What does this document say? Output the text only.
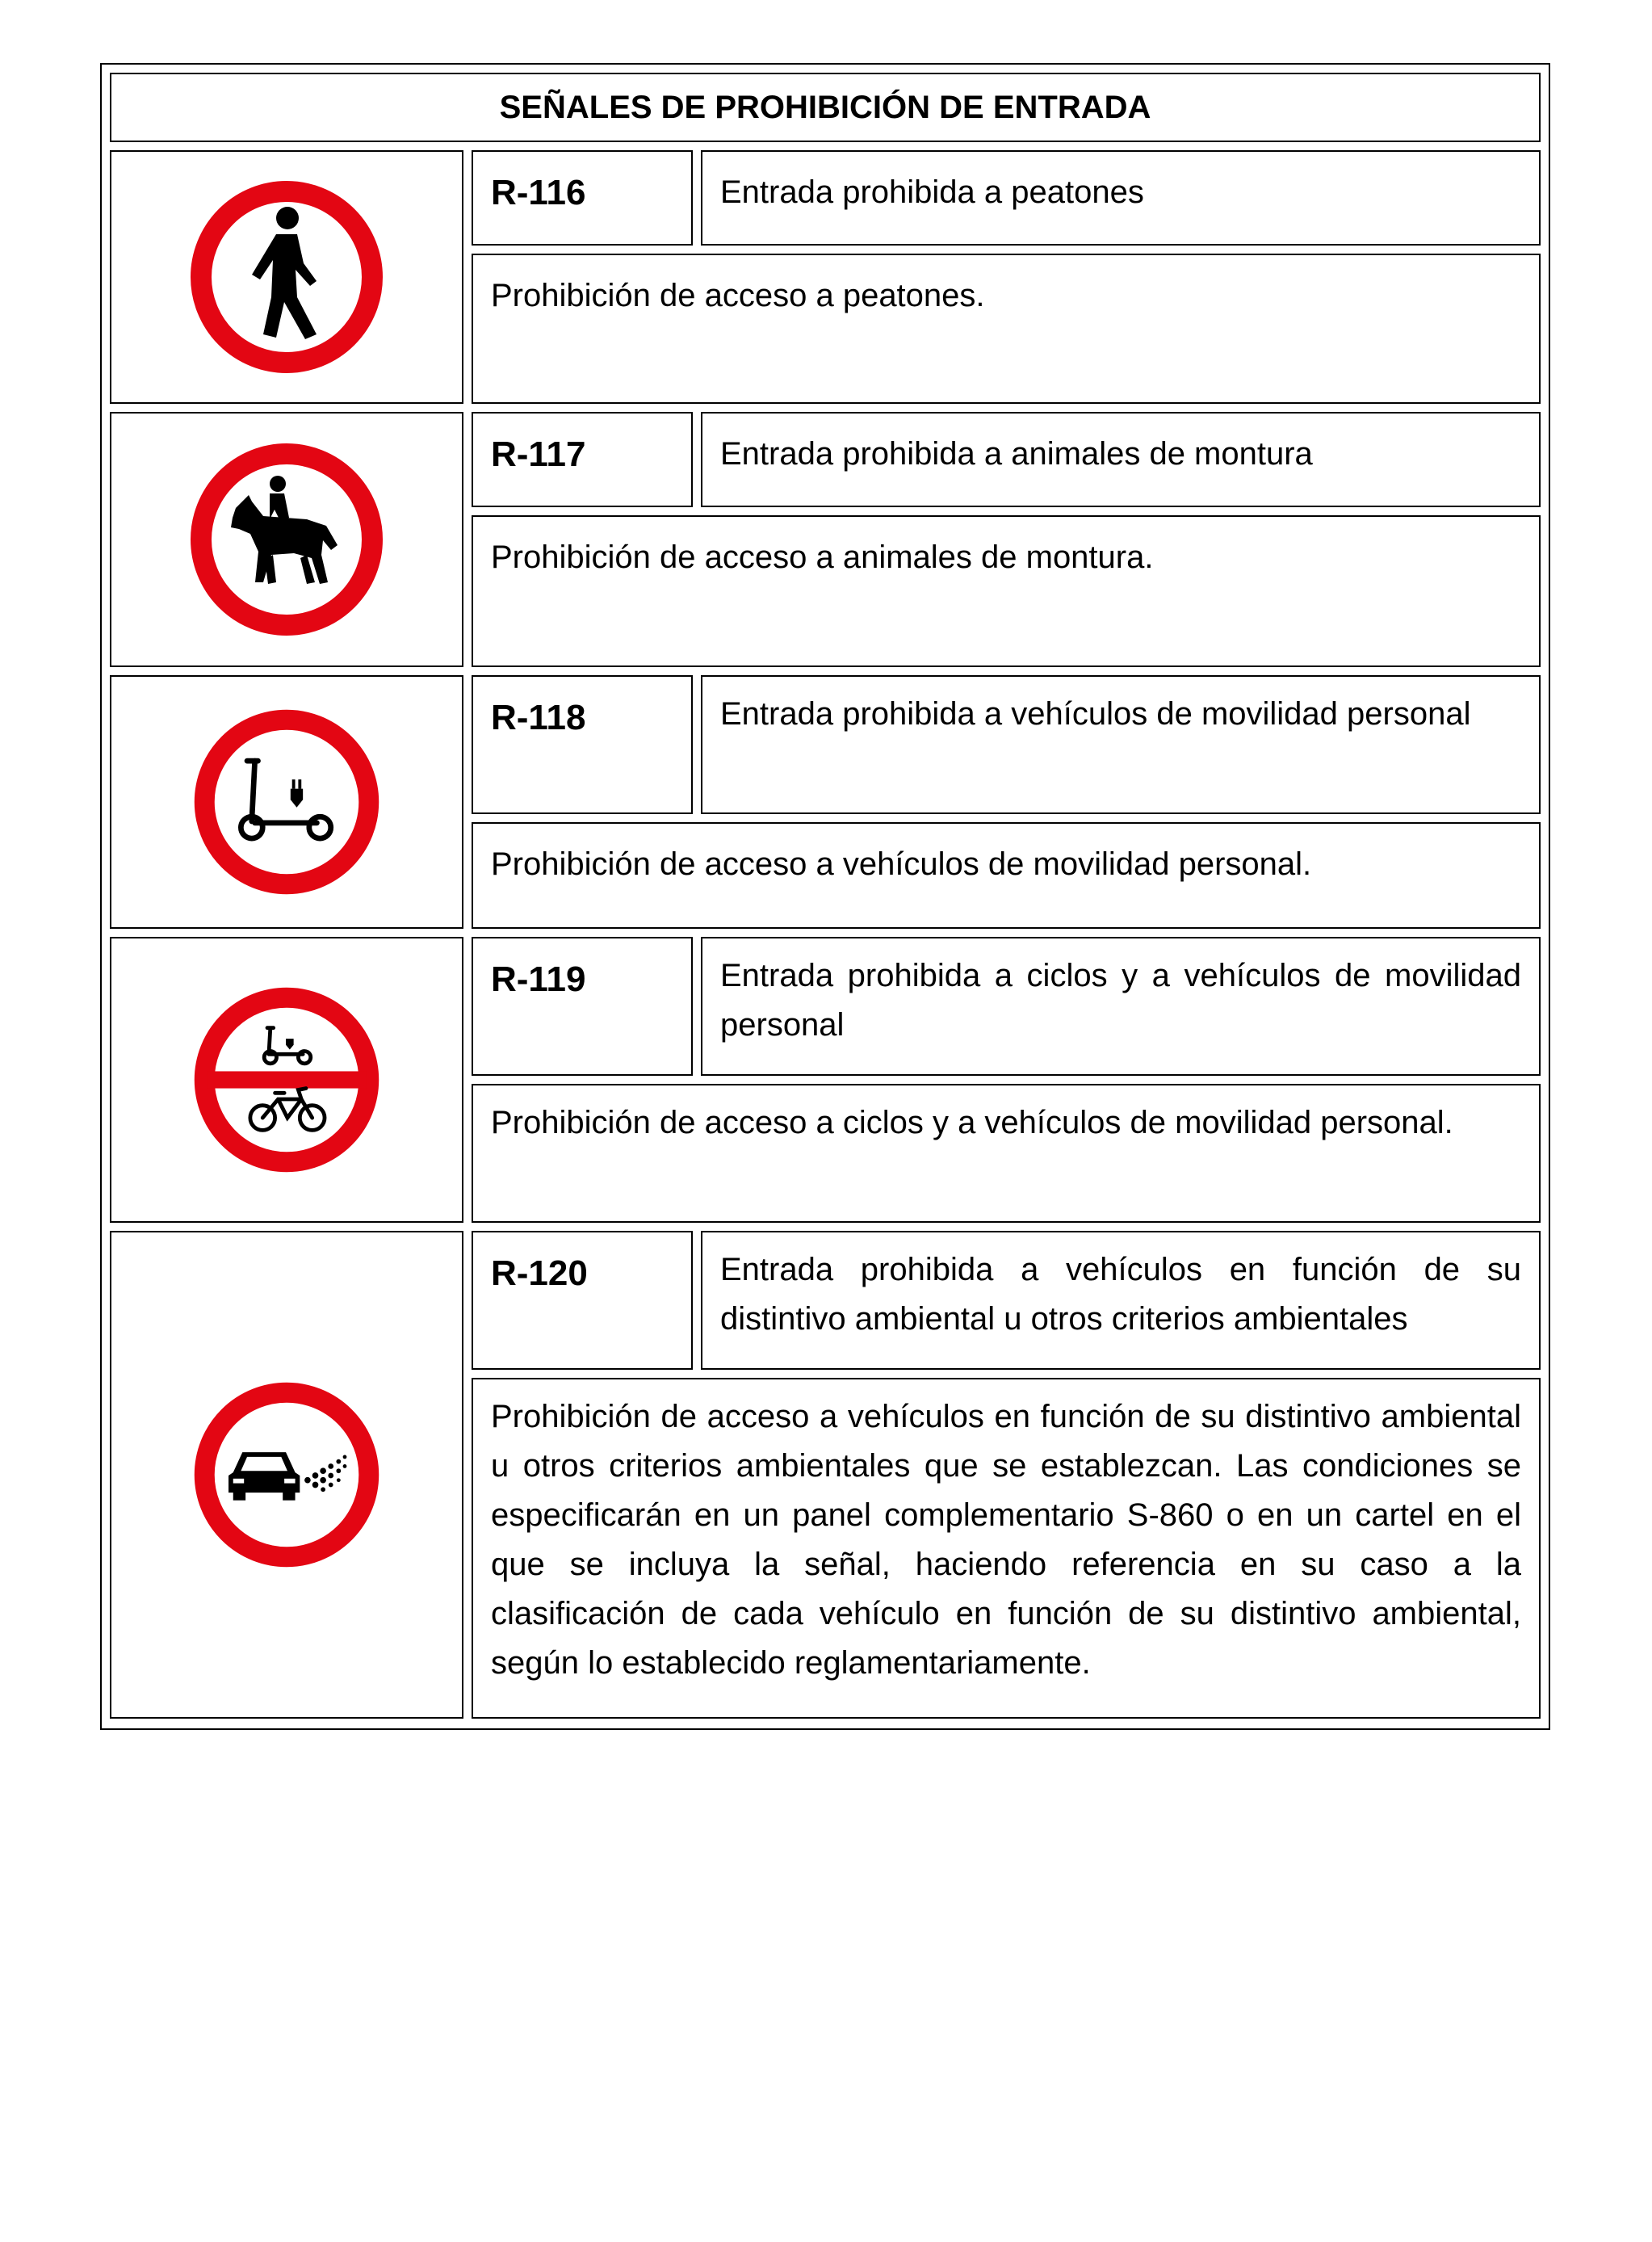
SEÑALES DE PROHIBICIÓN DE ENTRADA
R-116	Entrada prohibida a peatones
Prohibición de acceso a peatones.
R-117	Entrada prohibida a animales de montura
Prohibición de acceso a animales de montura.
R-118	Entrada prohibida a vehículos de movilidad personal
Prohibición de acceso a vehículos de movilidad personal.
R-119	Entrada prohibida a ciclos y a vehículos de movilidad personal
Prohibición de acceso a ciclos y a vehículos de movilidad personal.
R-120	Entrada prohibida a vehículos en función de su distintivo ambiental u otros criterios ambientales
Prohibición de acceso a vehículos en función de su distintivo ambiental u otros criterios ambientales que se establezcan. Las condiciones se especificarán en un panel complementario S-860 o en un cartel en el que se incluya la señal, haciendo referencia en su caso a la clasificación de cada vehículo en función de su distintivo ambiental, según lo establecido reglamentariamente.
